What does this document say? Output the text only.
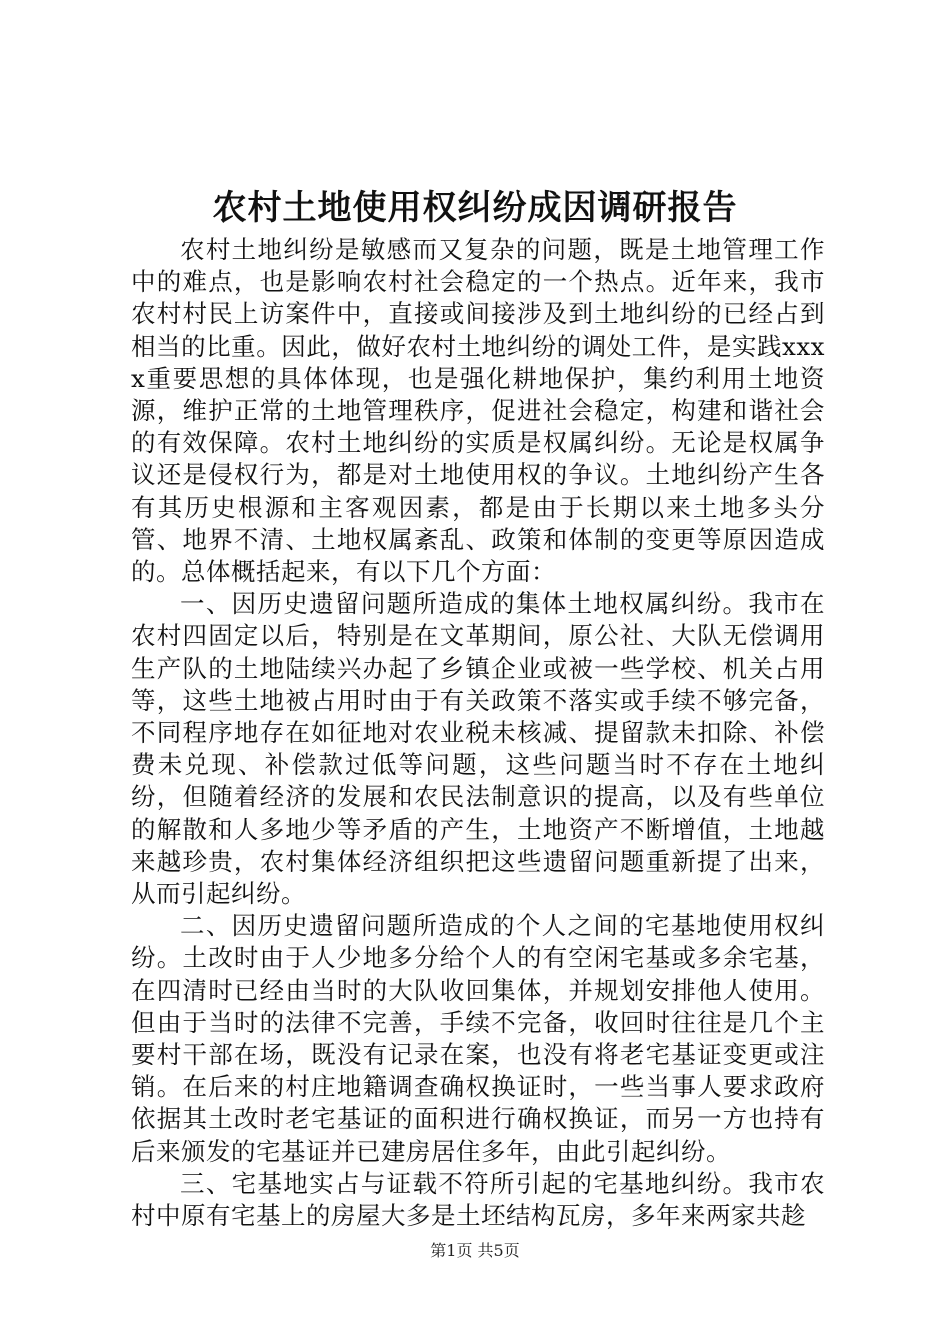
农村土地使用权纠纷成因调研报告

农村土地纠纷是敏感而又复杂的问题，既是土地管理工作中的难点，也是影响农村社会稳定的一个热点。近年来，我市农村村民上访案件中，直接或间接涉及到土地纠纷的已经占到相当的比重。因此，做好农村土地纠纷的调处工件，是实践xxxx重要思想的具体体现，也是强化耕地保护，集约利用土地资源，维护正常的土地管理秩序，促进社会稳定，构建和谐社会的有效保障。农村土地纠纷的实质是权属纠纷。无论是权属争议还是侵权行为，都是对土地使用权的争议。土地纠纷产生各有其历史根源和主客观因素，都是由于长期以来土地多头分管、地界不清、土地权属紊乱、政策和体制的变更等原因造成的。总体概括起来，有以下几个方面：

一、因历史遗留问题所造成的集体土地权属纠纷。我市在农村四固定以后，特别是在文革期间，原公社、大队无偿调用生产队的土地陆续兴办起了乡镇企业或被一些学校、机关占用等，这些土地被占用时由于有关政策不落实或手续不够完备，不同程序地存在如征地对农业税未核减、提留款未扣除、补偿费未兑现、补偿款过低等问题，这些问题当时不存在土地纠纷，但随着经济的发展和农民法制意识的提高，以及有些单位的解散和人多地少等矛盾的产生，土地资产不断增值，土地越来越珍贵，农村集体经济组织把这些遗留问题重新提了出来，从而引起纠纷。

二、因历史遗留问题所造成的个人之间的宅基地使用权纠纷。土改时由于人少地多分给个人的有空闲宅基或多余宅基，在四清时已经由当时的大队收回集体，并规划安排他人使用。但由于当时的法律不完善，手续不完备，收回时往往是几个主要村干部在场，既没有记录在案，也没有将老宅基证变更或注销。在后来的村庄地籍调查确权换证时，一些当事人要求政府依据其土改时老宅基证的面积进行确权换证，而另一方也持有后来颁发的宅基证并已建房居住多年，由此引起纠纷。

三、宅基地实占与证载不符所引起的宅基地纠纷。我市农村中原有宅基上的房屋大多是土坯结构瓦房，多年来两家共趁

第1页 共5页
